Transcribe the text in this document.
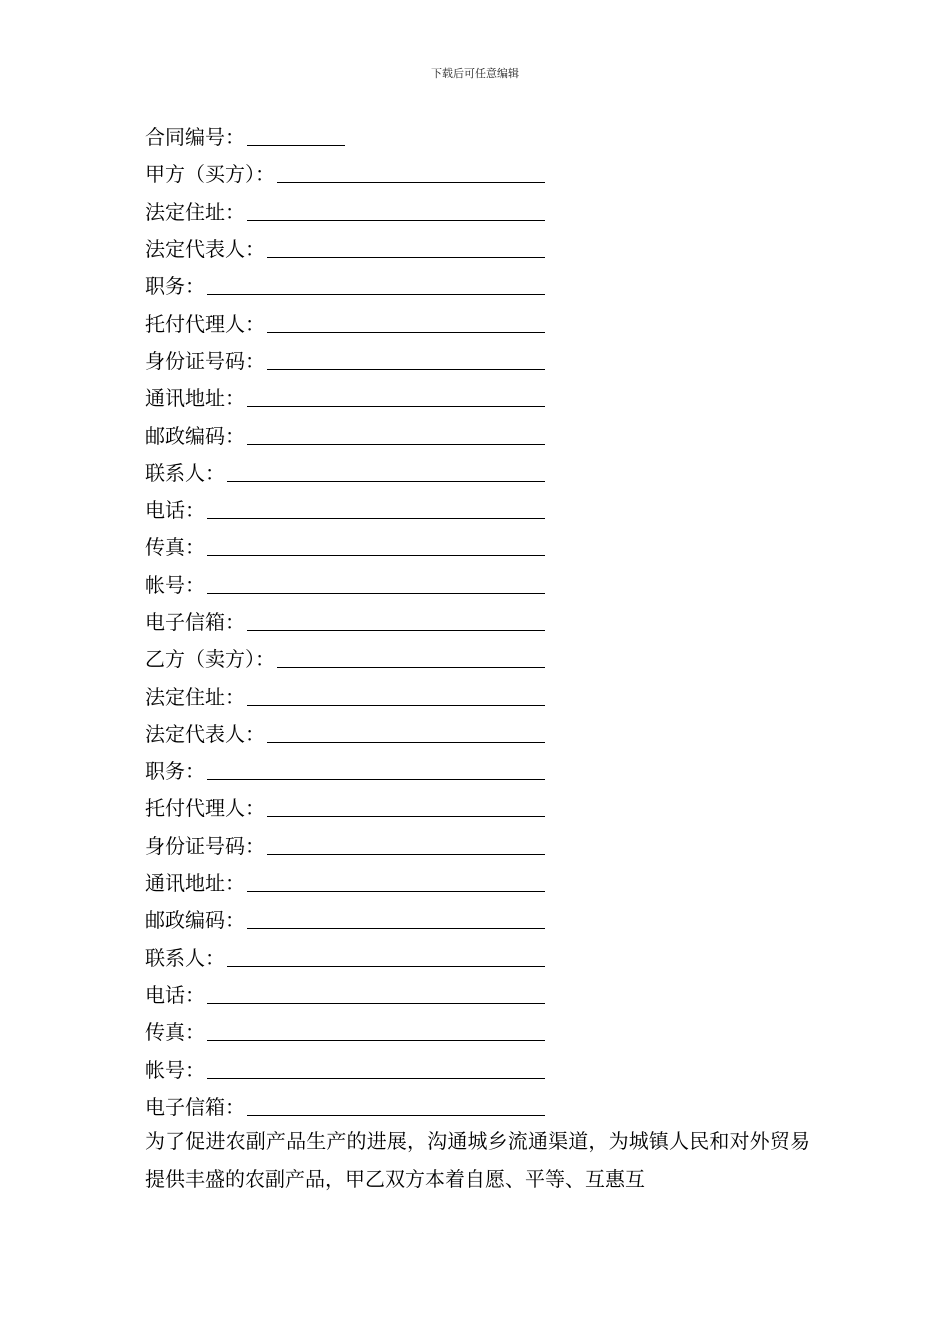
下载后可任意编辑
合同编号：
甲方（买方）：
法定住址：
法定代表人：
职务：
托付代理人：
身份证号码：
通讯地址：
邮政编码：
联系人：
电话：
传真：
帐号：
电子信箱：
乙方（卖方）：
法定住址：
法定代表人：
职务：
托付代理人：
身份证号码：
通讯地址：
邮政编码：
联系人：
电话：
传真：
帐号：
电子信箱：

为了促进农副产品生产的进展，沟通城乡流通渠道，为城镇人民和对外贸易提供丰盛的农副产品，甲乙双方本着自愿、平等、互惠互
